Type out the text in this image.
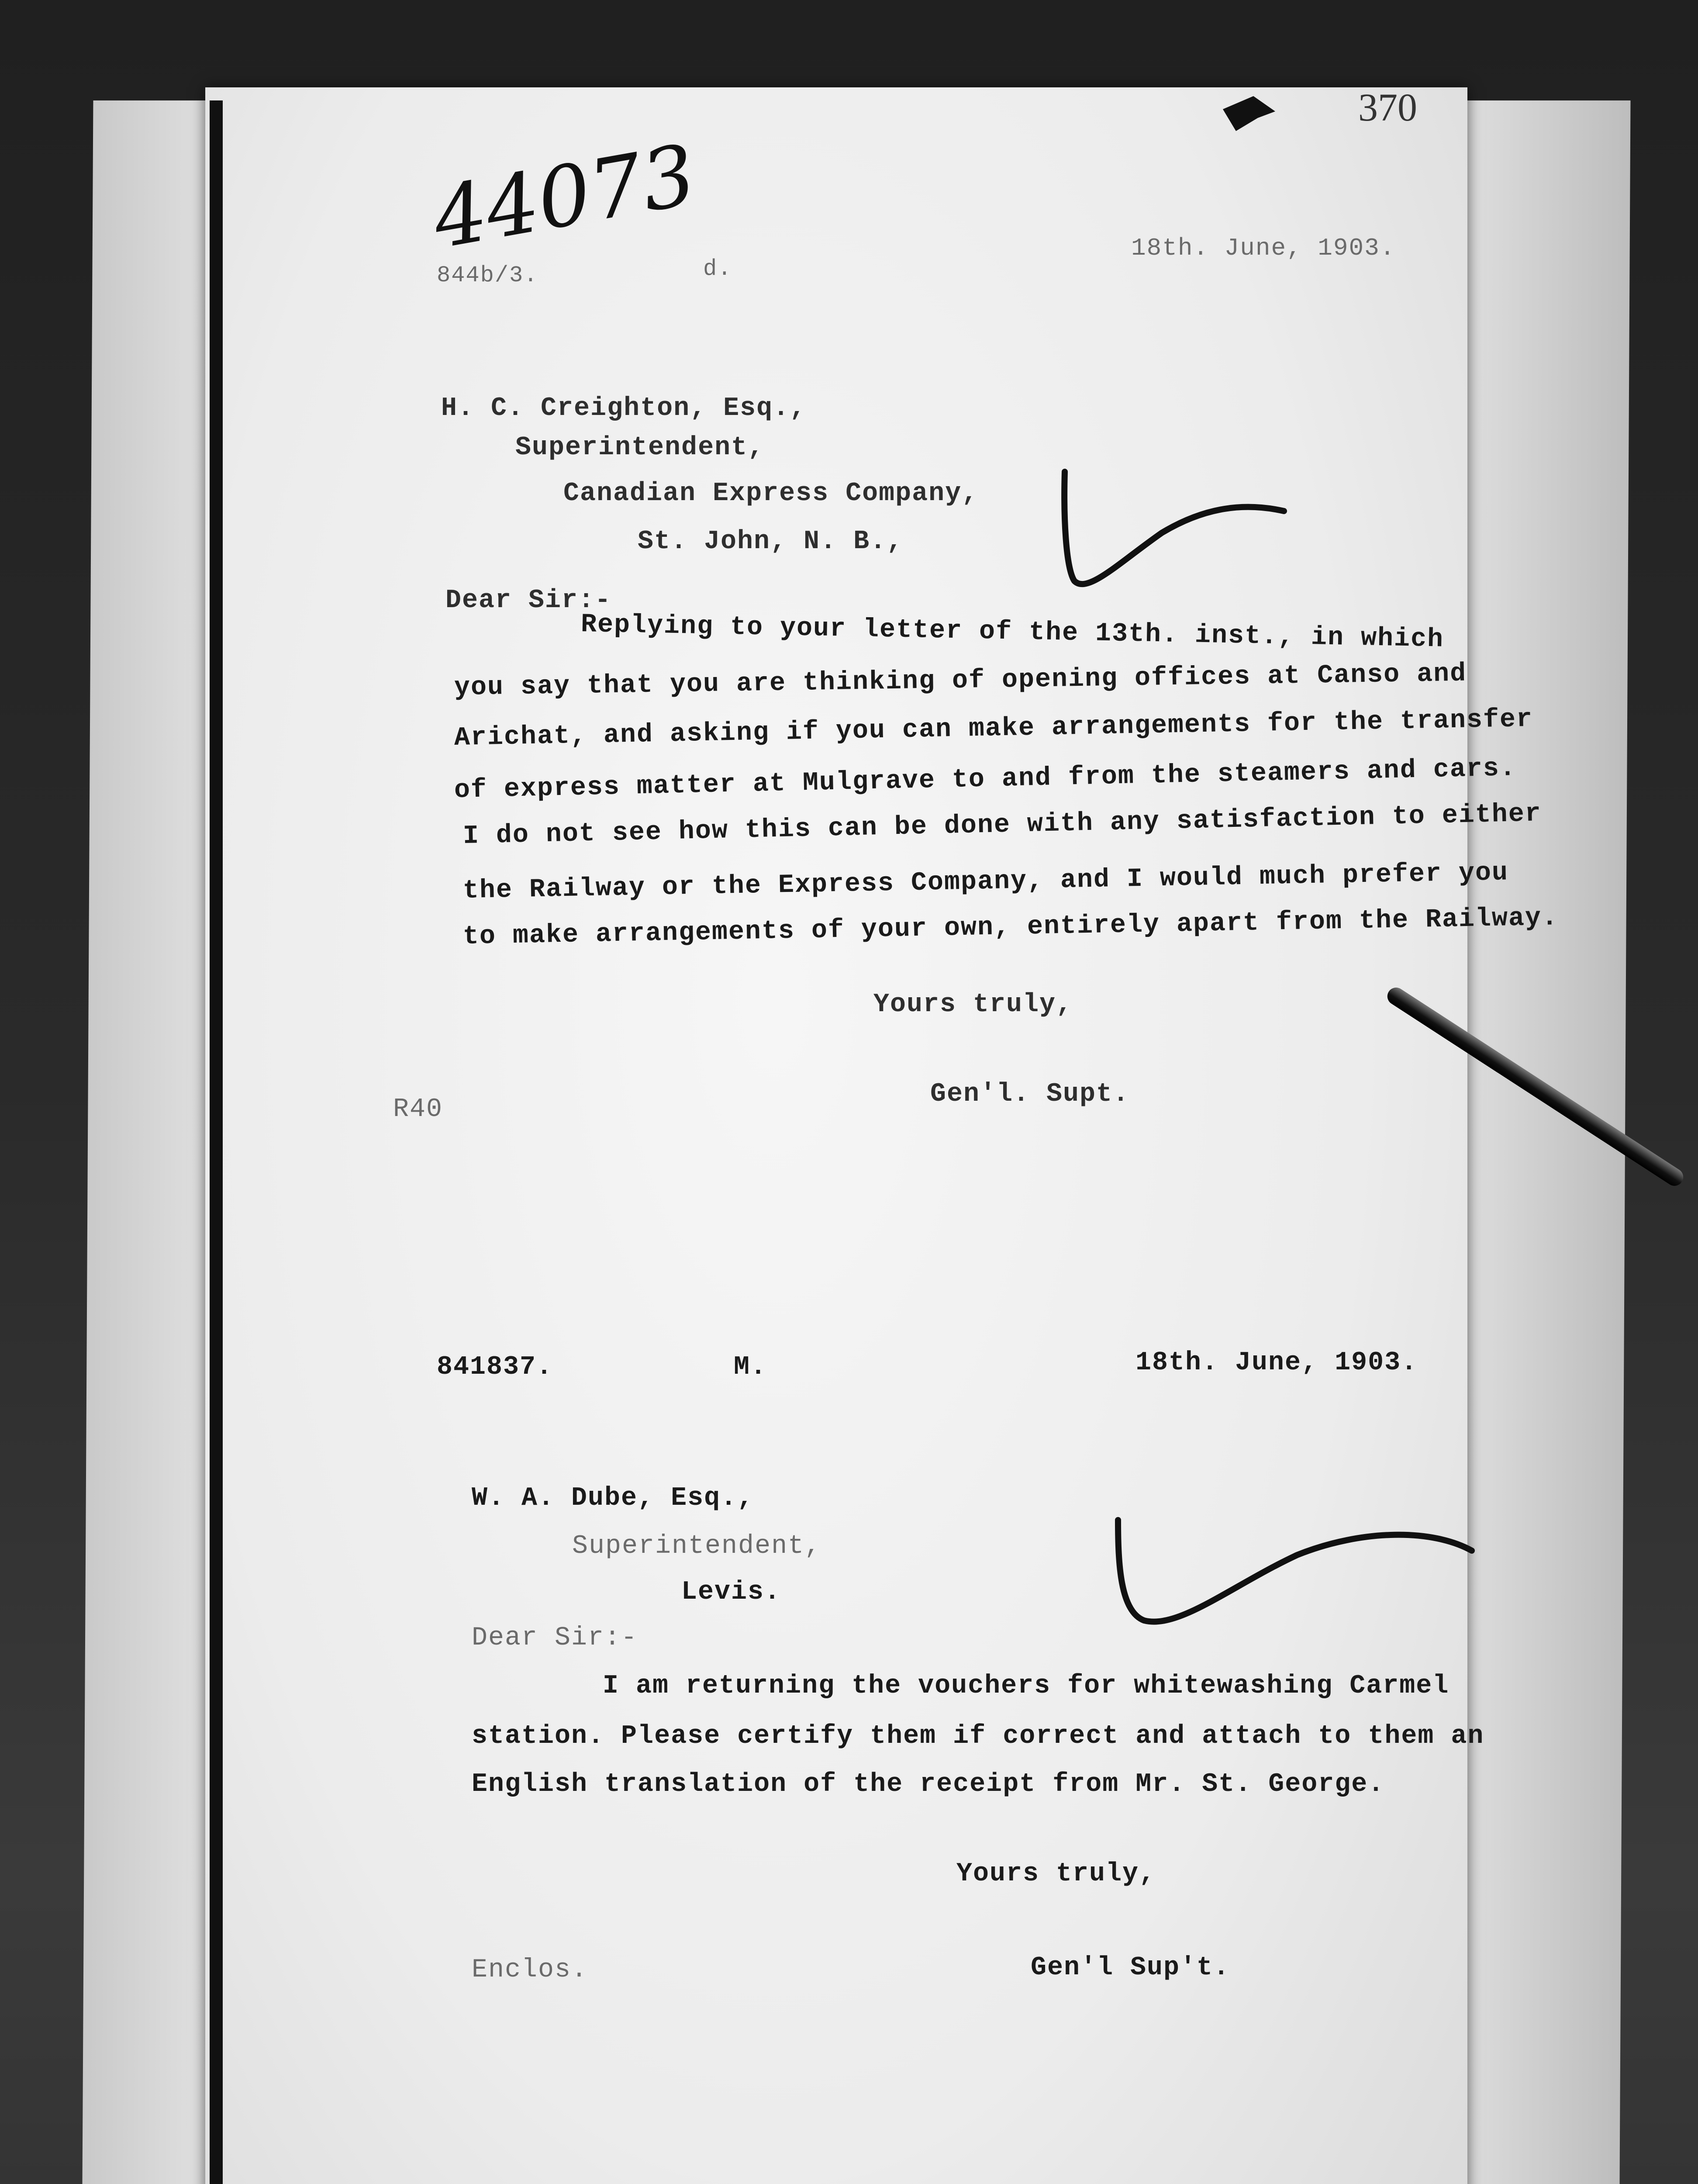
370
44073
844b/3.	d.
18th. June, 1903.
H. C. Creighton, Esq.,
Superintendent,
Canadian Express Company,
St. John, N. B.,
Dear Sir:-
Replying to your letter of the 13th. inst., in which
you say that you are thinking of opening offices at Canso and
Arichat, and asking if you can make arrangements for the transfer
of express matter at Mulgrave to and from the steamers and cars.
I do not see how this can be done with any satisfaction to either
the Railway or the Express Company, and I would much prefer you
to make arrangements of your own, entirely apart from the Railway.
Yours truly,
R40
Gen'l. Supt.
841837.	M.	18th. June, 1903.
W. A. Dube, Esq.,
Superintendent,
Levis.
Dear Sir:-
I am returning the vouchers for whitewashing Carmel
station. Please certify them if correct and attach to them an
English translation of the receipt from Mr. St. George.
Yours truly,
Enclos.	Gen'l Sup't.
